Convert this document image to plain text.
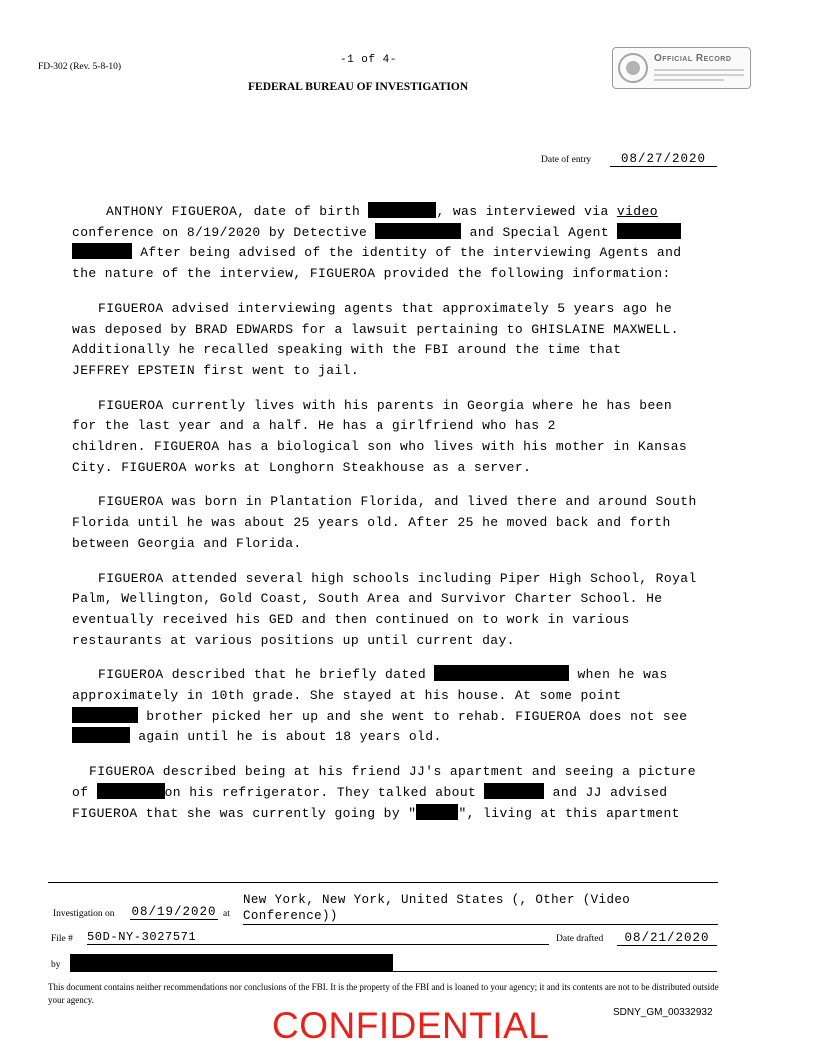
FD-302 (Rev. 5-8-10)
-1 of 4-
FEDERAL BUREAU OF INVESTIGATION
Official Record
Date of entry	08/27/2020

ANTHONY FIGUEROA, date of birth	, was interviewed via video
conference on 8/19/2020 by Detective	and Special Agent
After being advised of the identity of the interviewing Agents and
the nature of the interview, FIGUEROA provided the following information:

FIGUEROA advised interviewing agents that approximately 5 years ago he
was deposed by BRAD EDWARDS for a lawsuit pertaining to GHISLAINE MAXWELL.
Additionally he recalled speaking with the FBI around the time that
JEFFREY EPSTEIN first went to jail.

FIGUEROA currently lives with his parents in Georgia where he has been
for the last year and a half. He has a girlfriend who has 2
children. FIGUEROA has a biological son who lives with his mother in Kansas
City. FIGUEROA works at Longhorn Steakhouse as a server.

FIGUEROA was born in Plantation Florida, and lived there and around South
Florida until he was about 25 years old. After 25 he moved back and forth
between Georgia and Florida.

FIGUEROA attended several high schools including Piper High School, Royal
Palm, Wellington, Gold Coast, South Area and Survivor Charter School. He
eventually received his GED and then continued on to work in various
restaurants at various positions up until current day.

FIGUEROA described that he briefly dated	when he was
approximately in 10th grade. She stayed at his house. At some point
brother picked her up and she went to rehab. FIGUEROA does not see
again until he is about 18 years old.

FIGUEROA described being at his friend JJ's apartment and seeing a picture
of	on his refrigerator. They talked about	and JJ advised
FIGUEROA that she was currently going by "	", living at this apartment

Investigation on 08/19/2020 at
New York, New York, United States (, Other (Video
Conference))
File # 50D-NY-3027571	Date drafted	08/21/2020
by
This document contains neither recommendations nor conclusions of the FBI. It is the property of the FBI and is loaned to your agency; it and its contents are not to be distributed outside your agency.
SDNY_GM_00332932
CONFIDENTIAL
